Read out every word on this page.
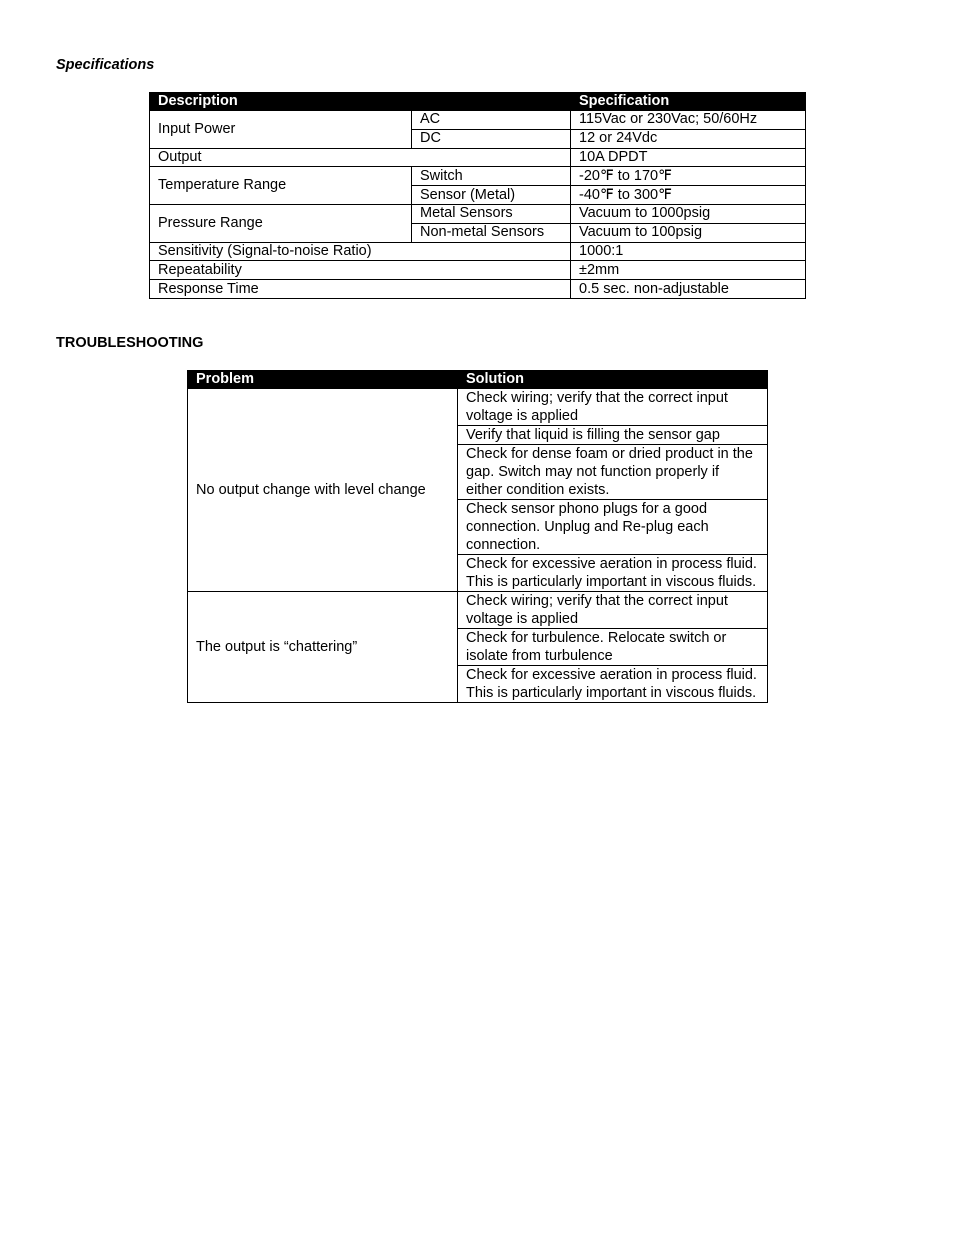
Specifications
Description		Specification
Input Power	AC	115Vac or 230Vac; 50/60Hz
	DC	12 or 24Vdc
Output		10A DPDT
Temperature Range	Switch	-20℉ to 170℉
	Sensor (Metal)	-40℉ to 300℉
Pressure Range	Metal Sensors	Vacuum to 1000psig
	Non-metal Sensors	Vacuum to 100psig
Sensitivity (Signal-to-noise Ratio)		1000:1
Repeatability		±2mm
Response Time		0.5 sec. non-adjustable
TROUBLESHOOTING
Problem	Solution
No output change with level change	Check wiring; verify that the correct input voltage is applied
	Verify that liquid is filling the sensor gap
	Check for dense foam or dried product in the gap. Switch may not function properly if either condition exists.
	Check sensor phono plugs for a good connection. Unplug and Re-plug each connection.
	Check for excessive aeration in process fluid. This is particularly important in viscous fluids.
The output is “chattering”	Check wiring; verify that the correct input voltage is applied
	Check for turbulence. Relocate switch or isolate from turbulence
	Check for excessive aeration in process fluid. This is particularly important in viscous fluids.
